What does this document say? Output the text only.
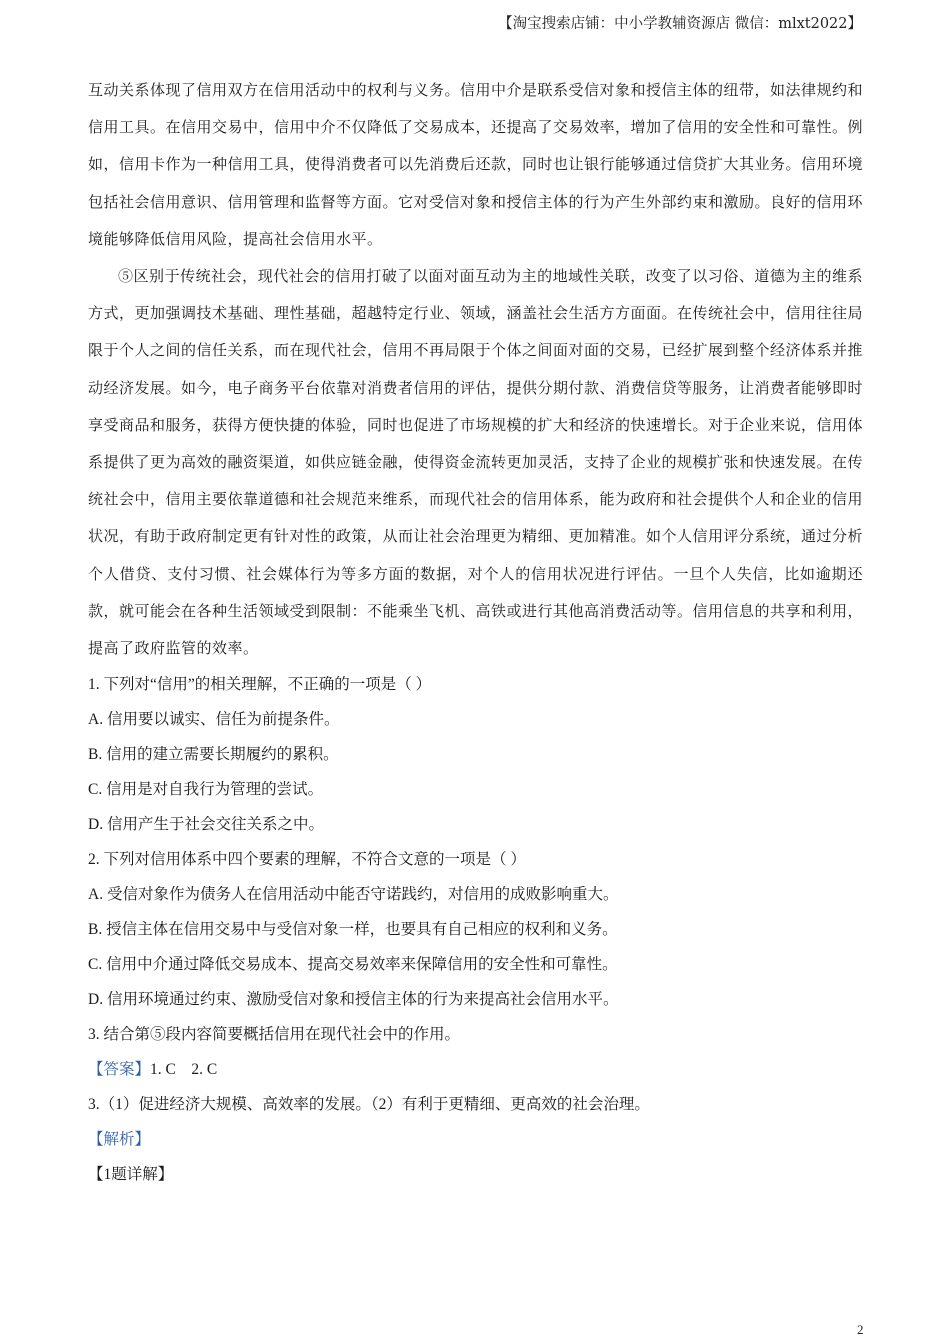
【淘宝搜索店铺：中小学教辅资源店 微信：mlxt2022】

互动关系体现了信用双方在信用活动中的权利与义务。信用中介是联系受信对象和授信主体的纽带，如法律规约和信用工具。在信用交易中，信用中介不仅降低了交易成本，还提高了交易效率，增加了信用的安全性和可靠性。例如，信用卡作为一种信用工具，使得消费者可以先消费后还款，同时也让银行能够通过信贷扩大其业务。信用环境包括社会信用意识、信用管理和监督等方面。它对受信对象和授信主体的行为产生外部约束和激励。良好的信用环境能够降低信用风险，提高社会信用水平。

⑤区别于传统社会，现代社会的信用打破了以面对面互动为主的地域性关联，改变了以习俗、道德为主的维系方式，更加强调技术基础、理性基础，超越特定行业、领域，涵盖社会生活方方面面。在传统社会中，信用往往局限于个人之间的信任关系，而在现代社会，信用不再局限于个体之间面对面的交易，已经扩展到整个经济体系并推动经济发展。如今，电子商务平台依靠对消费者信用的评估，提供分期付款、消费信贷等服务，让消费者能够即时享受商品和服务，获得方便快捷的体验，同时也促进了市场规模的扩大和经济的快速增长。对于企业来说，信用体系提供了更为高效的融资渠道，如供应链金融，使得资金流转更加灵活，支持了企业的规模扩张和快速发展。在传统社会中，信用主要依靠道德和社会规范来维系，而现代社会的信用体系，能为政府和社会提供个人和企业的信用状况，有助于政府制定更有针对性的政策，从而让社会治理更为精细、更加精准。如个人信用评分系统，通过分析个人借贷、支付习惯、社会媒体行为等多方面的数据，对个人的信用状况进行评估。一旦个人失信，比如逾期还款，就可能会在各种生活领域受到限制：不能乘坐飞机、高铁或进行其他高消费活动等。信用信息的共享和利用，提高了政府监管的效率。

1. 下列对“信用”的相关理解，不正确的一项是（ ）
A. 信用要以诚实、信任为前提条件。
B. 信用的建立需要长期履约的累积。
C. 信用是对自我行为管理的尝试。
D. 信用产生于社会交往关系之中。
2. 下列对信用体系中四个要素的理解，不符合文意的一项是（ ）
A. 受信对象作为债务人在信用活动中能否守诺践约，对信用的成败影响重大。
B. 授信主体在信用交易中与受信对象一样，也要具有自己相应的权利和义务。
C. 信用中介通过降低交易成本、提高交易效率来保障信用的安全性和可靠性。
D. 信用环境通过约束、激励受信对象和授信主体的行为来提高社会信用水平。
3. 结合第⑤段内容简要概括信用在现代社会中的作用。
【答案】1. C    2. C
3.（1）促进经济大规模、高效率的发展。（2）有利于更精细、更高效的社会治理。
【解析】
【1题详解】
2
